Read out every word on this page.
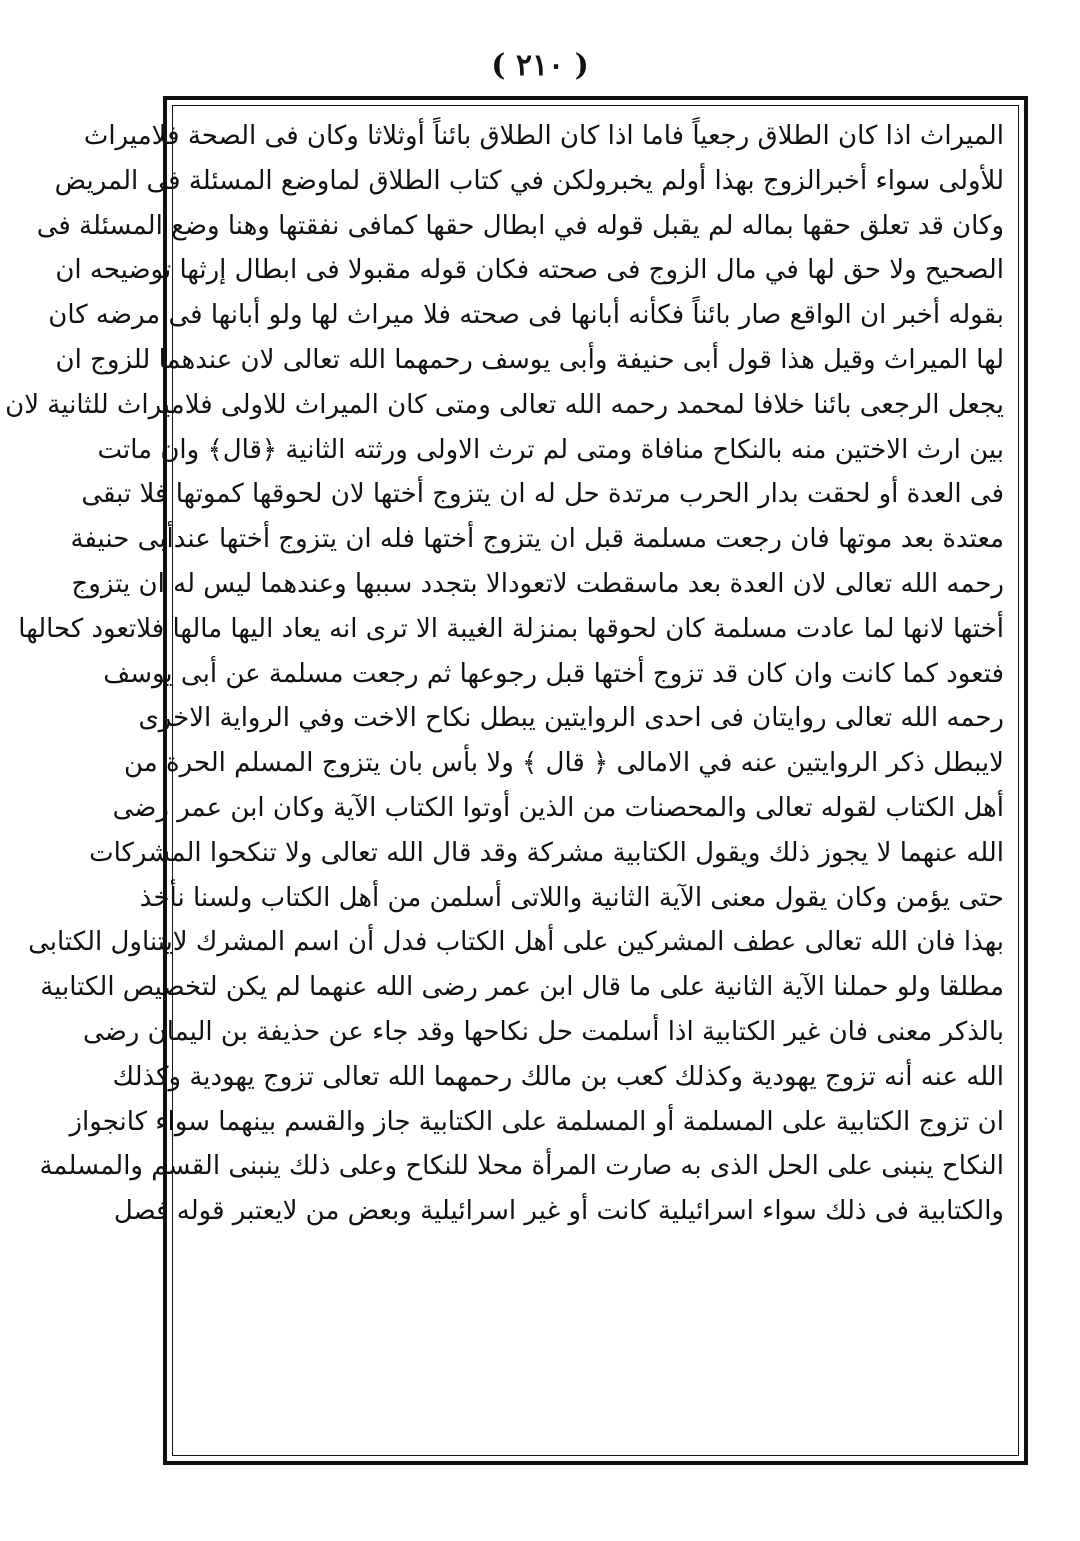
( ٢١٠ )
الميراث اذا كان الطلاق رجعياً فاما اذا كان الطلاق بائناً أوثلاثا وكان فى الصحة فلاميراث
للأولى سواء أخبرالزوج بهذا أولم يخبرولكن في كتاب الطلاق لماوضع المسئلة فى المريض
وكان قد تعلق حقها بماله لم يقبل قوله في ابطال حقها كمافى نفقتها وهنا وضع المسئلة فى
الصحيح ولا حق لها في مال الزوج فى صحته فكان قوله مقبولا فى ابطال إرثها توضيحه ان
بقوله أخبر ان الواقع صار بائناً فكأنه أبانها فى صحته فلا ميراث لها ولو أبانها فى مرضه كان
لها الميراث وقيل هذا قول أبى حنيفة وأبى يوسف رحمهما الله تعالى لان عندهما للزوج ان
يجعل الرجعى بائنا خلافا لمحمد رحمه الله تعالى ومتى كان الميراث للاولى فلاميراث للثانية لان
بين ارث الاختين منه بالنكاح منافاة ومتى لم ترث الاولى ورثته الثانية ﴿قال﴾ وان ماتت
فى العدة أو لحقت بدار الحرب مرتدة حل له ان يتزوج أختها لان لحوقها كموتها فلا تبقى
معتدة بعد موتها فان رجعت مسلمة قبل ان يتزوج أختها فله ان يتزوج أختها عندأبى حنيفة
رحمه الله تعالى لان العدة بعد ماسقطت لاتعودالا بتجدد سببها وعندهما ليس له ان يتزوج
أختها لانها لما عادت مسلمة كان لحوقها بمنزلة الغيبة الا ترى انه يعاد اليها مالها فلاتعود كحالها
فتعود كما كانت وان كان قد تزوج أختها قبل رجوعها ثم رجعت مسلمة عن أبى يوسف
رحمه الله تعالى روايتان فى احدى الروايتين يبطل نكاح الاخت وفي الرواية الاخرى
لايبطل ذكر الروايتين عنه في الامالى ﴿ قال ﴾ ولا بأس بان يتزوج المسلم الحرة من
أهل الكتاب لقوله تعالى والمحصنات من الذين أوتوا الكتاب الآية وكان ابن عمر رضى
الله عنهما لا يجوز ذلك ويقول الكتابية مشركة وقد قال الله تعالى ولا تنكحوا المشركات
حتى يؤمن وكان يقول معنى الآية الثانية واللاتى أسلمن من أهل الكتاب ولسنا نأخذ
بهذا فان الله تعالى عطف المشركين على أهل الكتاب فدل أن اسم المشرك لايتناول الكتابى
مطلقا ولو حملنا الآية الثانية على ما قال ابن عمر رضى الله عنهما لم يكن لتخصيص الكتابية
بالذكر معنى فان غير الكتابية اذا أسلمت حل نكاحها وقد جاء عن حذيفة بن اليمان رضى
الله عنه أنه تزوج يهودية وكذلك كعب بن مالك رحمهما الله تعالى تزوج يهودية وكذلك
ان تزوج الكتابية على المسلمة أو المسلمة على الكتابية جاز والقسم بينهما سواء كانجواز
النكاح ينبنى على الحل الذى به صارت المرأة محلا للنكاح وعلى ذلك ينبنى القسم والمسلمة
والكتابية فى ذلك سواء اسرائيلية كانت أو غير اسرائيلية وبعض من لايعتبر قوله فصل
